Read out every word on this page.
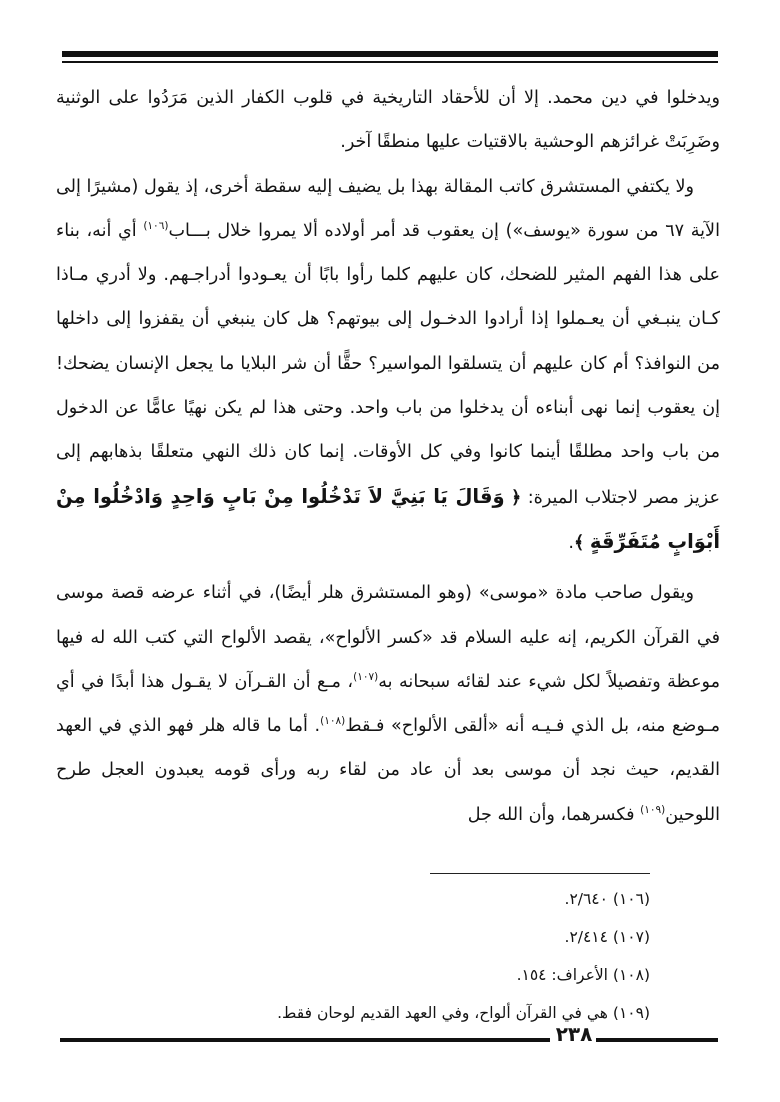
ويدخلوا في دين محمد. إلا أن للأحقاد التاريخية في قلوب الكفار الذين مَرَدُوا على الوثنية وضَرِبَتْ غرائزهم الوحشية بالاقتيات عليها منطقًا آخر.

ولا يكتفي المستشرق كاتب المقالة بهذا بل يضيف إليه سقطة أخرى، إذ يقول (مشيرًا إلى الآية ٦٧ من سورة «يوسف») إن يعقوب قد أمر أولاده ألا يمروا خلال بـــاب$^{(١٠٦)}$ أي أنه، بناء على هذا الفهم المثير للضحك، كان عليهم كلما رأوا بابًا أن يعـودوا أدراجـهم. ولا أدري مـاذا كـان ينبـغي أن يعـملوا إذا أرادوا الدخـول إلى بيوتهم؟ هل كان ينبغي أن يقفزوا إلى داخلها من النوافذ؟ أم كان عليهم أن يتسلقوا المواسير؟ حقًّا أن شر البلايا ما يجعل الإنسان يضحك! إن يعقوب إنما نهى أبناءه أن يدخلوا من باب واحد. وحتى هذا لم يكن نهيًا عامًّا عن الدخول من باب واحد مطلقًا أينما كانوا وفي كل الأوقات. إنما كان ذلك النهي متعلقًا بذهابهم إلى عزيز مصر لاجتلاب الميرة: ﴿ وَقَالَ يَا بَنِيَّ لاَ تَدْخُلُوا مِنْ بَابٍ وَاحِدٍ وَادْخُلُوا مِنْ أَبْوَابٍ مُتَفَرِّقَةٍ ﴾.

ويقول صاحب مادة «موسى» (وهو المستشرق هلر أيضًا)، في أثناء عرضه قصة موسى في القرآن الكريم، إنه عليه السلام قد «كسر الألواح»، يقصد الألواح التي كتب الله له فيها موعظة وتفصيلاً لكل شيء عند لقائه سبحانه به$^{(١٠٧)}$، مـع أن القـرآن لا يقـول هذا أبدًا في أي مـوضع منه، بل الذي فـيـه أنه «ألقى الألواح» فـقط$^{(١٠٨)}$. أما ما قاله هلر فهو الذي في العهد القديم، حيث نجد أن موسى بعد أن عاد من لقاء ربه ورأى قومه يعبدون العجل طرح اللوحين$^{(١٠٩)}$ فكسرهما، وأن الله جل

(١٠٦) ٢/٦٤٠.
(١٠٧) ٢/٤١٤.
(١٠٨) الأعراف: ١٥٤.
(١٠٩) هي في القرآن ألواح، وفي العهد القديم لوحان فقط.
٢٣٨
